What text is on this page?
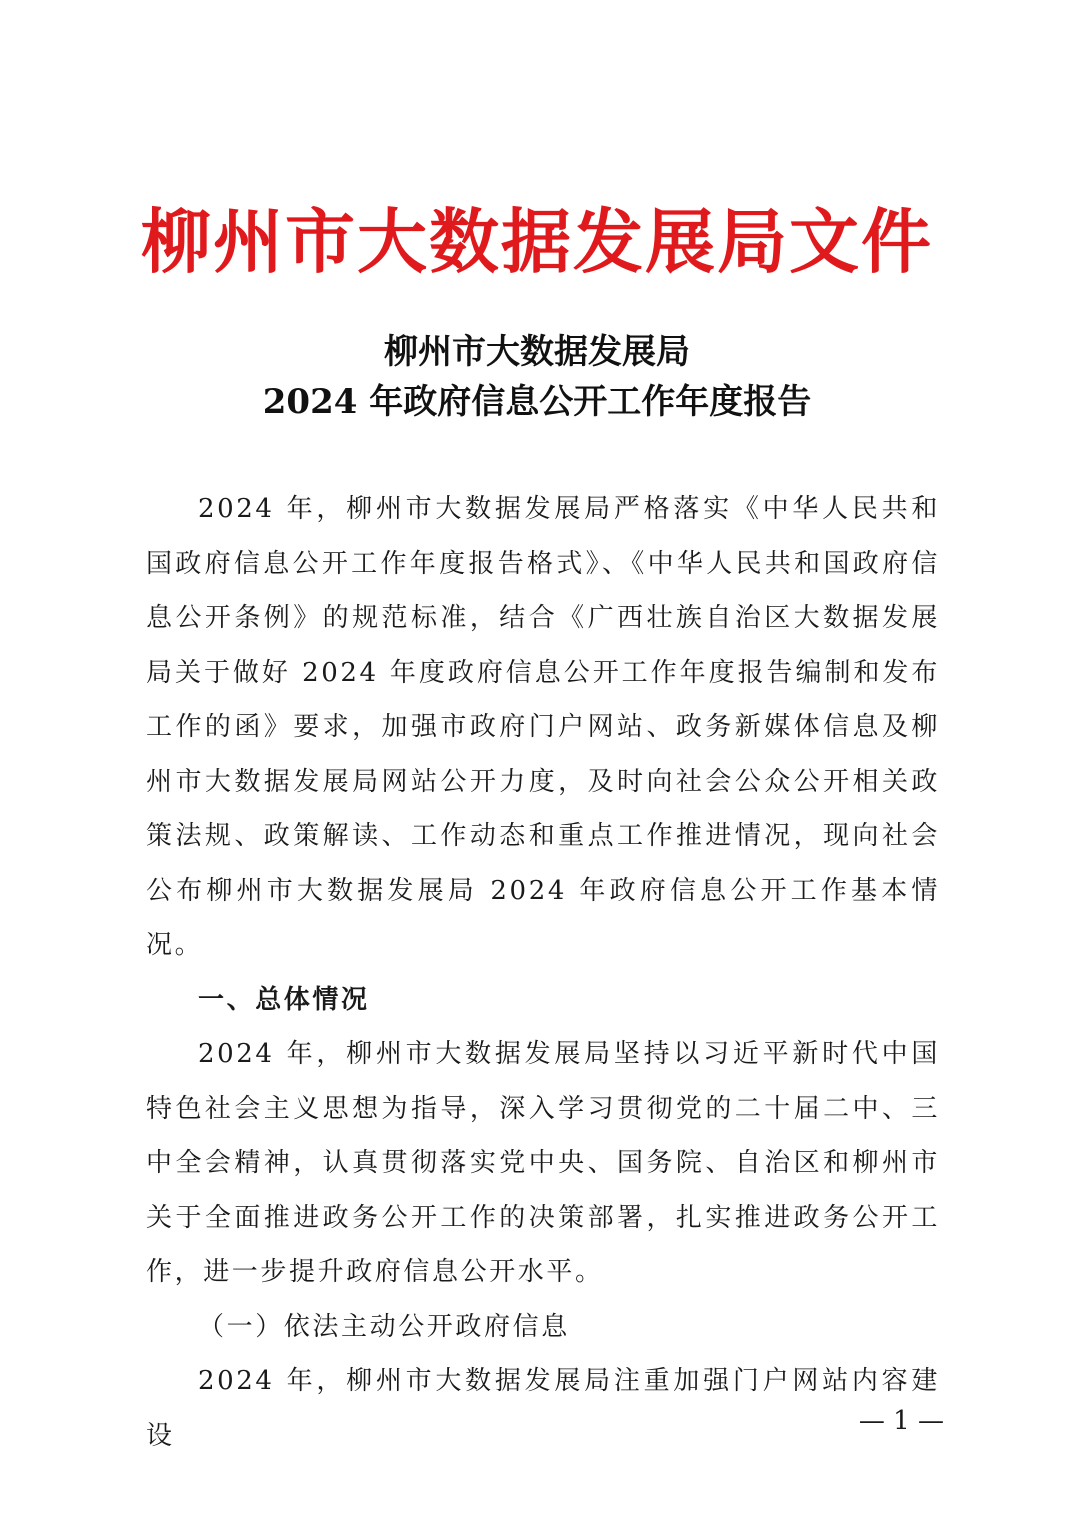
柳州市大数据发展局文件
柳州市大数据发展局
2024 年政府信息公开工作年度报告

2024 年，柳州市大数据发展局严格落实《中华人民共和国政府信息公开工作年度报告格式》、《中华人民共和国政府信息公开条例》的规范标准，结合《广西壮族自治区大数据发展局关于做好 2024 年度政府信息公开工作年度报告编制和发布工作的函》要求，加强市政府门户网站、政务新媒体信息及柳州市大数据发展局网站公开力度，及时向社会公众公开相关政策法规、政策解读、工作动态和重点工作推进情况，现向社会公布柳州市大数据发展局 2024 年政府信息公开工作基本情况。

一、总体情况

2024 年，柳州市大数据发展局坚持以习近平新时代中国特色社会主义思想为指导，深入学习贯彻党的二十届二中、三中全会精神，认真贯彻落实党中央、国务院、自治区和柳州市关于全面推进政务公开工作的决策部署，扎实推进政务公开工作，进一步提升政府信息公开水平。

（一）依法主动公开政府信息

2024 年，柳州市大数据发展局注重加强门户网站内容建设	— 1 —
